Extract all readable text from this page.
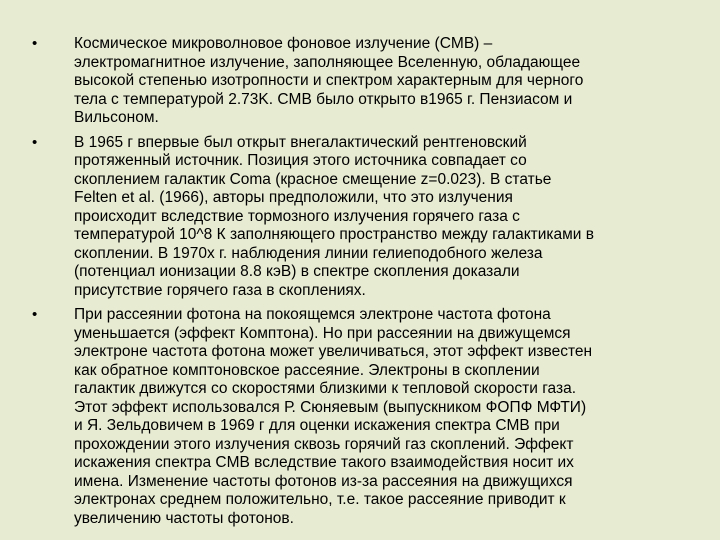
• Космическое микроволновое фоновое излучение (CMB) –
электромагнитное излучение, заполняющее Вселенную, обладающее
высокой степенью изотропности и спектром характерным для черного
тела с температурой 2.73K. CMB было открыто в1965 г. Пензиасом и
Вильсоном.
• В 1965 г впервые был открыт внегалактический рентгеновский
протяженный источник. Позиция этого источника совпадает со
скоплением галактик Coma (красное смещение z=0.023). В статье
Felten et al. (1966), авторы предположили, что это излучения
происходит вследствие тормозного излучения горячего газа с
температурой 10^8 К заполняющего пространство между галактиками в
скоплении. В 1970х г. наблюдения линии гелиеподобного железа
(потенциал ионизации 8.8 кэВ) в спектре скопления доказали
присутствие горячего газа в скоплениях.
• При рассеянии фотона на покоящемся электроне частота фотона
уменьшается (эффект Комптона). Но при рассеянии на движущемся
электроне частота фотона может увеличиваться, этот эффект известен
как обратное комптоновское рассеяние. Электроны в скоплении
галактик движутся со скоростями близкими к тепловой скорости газа.
Этот эффект использовался Р. Сюняевым (выпускником ФОПФ МФТИ)
и Я. Зельдовичем в 1969 г для оценки искажения спектра CMB при
прохождении этого излучения сквозь горячий газ скоплений. Эффект
искажения спектра CMB вследствие такого взаимодействия носит их
имена. Изменение частоты фотонов из-за рассеяния на движущихся
электронах среднем положительно, т.е. такое рассеяние приводит к
увеличению частоты фотонов.
